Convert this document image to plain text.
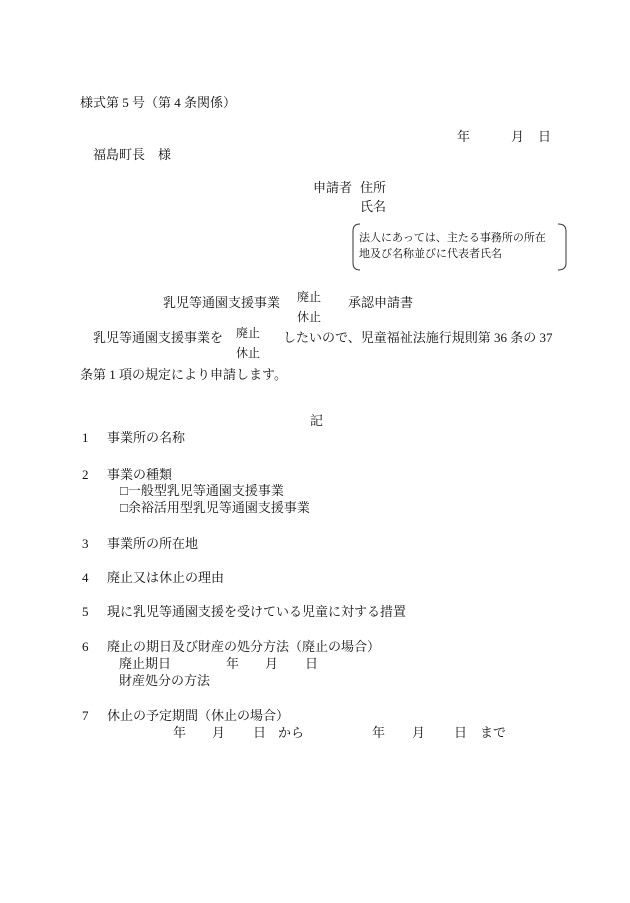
様式第 5 号（第 4 条関係）
年	月 日
福島町長　様
申請者 住所
氏名
法人にあっては、主たる事務所の所在
地及び名称並びに代表者氏名
乳児等通園支援事業 廃止
休止
承認申請書
乳児等通園支援事業を 廃止
休止
したいので、児童福祉法施行規則第 36 条の 37
条第 1 項の規定により申請します。
記
1 事業所の名称
2 事業の種類
□一般型乳児等通園支援事業
□余裕活用型乳児等通園支援事業
3 事業所の所在地
4 廃止又は休止の理由
5 現に乳児等通園支援を受けている児童に対する措置
6 廃止の期日及び財産の処分方法（廃止の場合）
廃止期日	年 月 日
財産処分の方法
7 休止の予定期間（休止の場合）
年 月 日 から	年 月 日 まで
